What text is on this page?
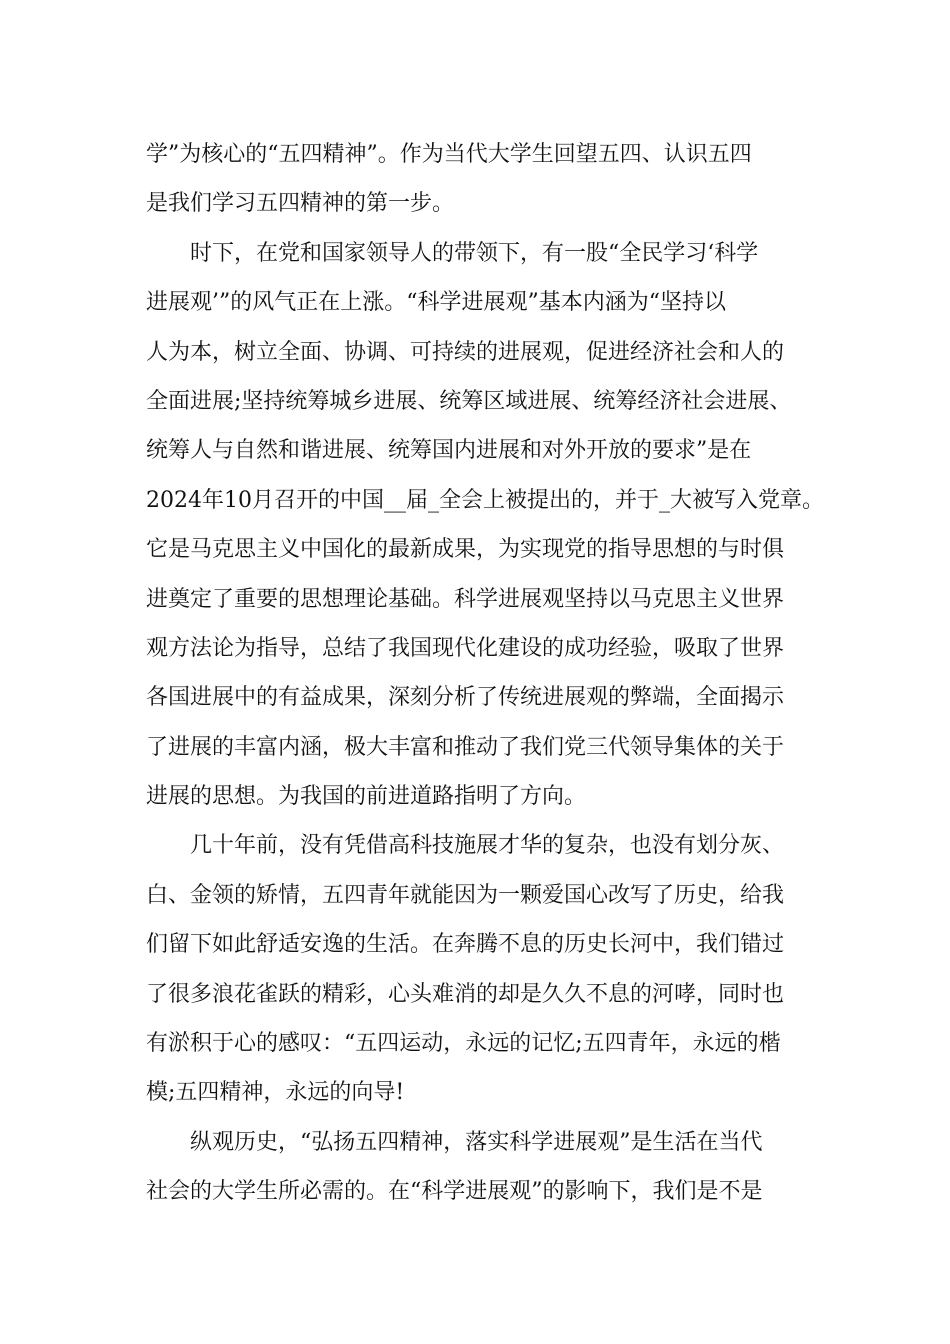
学”为核心的“五四精神”。作为当代大学生回望五四、认识五四
是我们学习五四精神的第一步。
时下，在党和国家领导人的带领下，有一股“全民学习‘科学
进展观’”的风气正在上涨。“科学进展观”基本内涵为“坚持以
人为本，树立全面、协调、可持续的进展观，促进经济社会和人的
全面进展;坚持统筹城乡进展、统筹区域进展、统筹经济社会进展、
统筹人与自然和谐进展、统筹国内进展和对外开放的要求”是在
2024年10月召开的中国__届_全会上被提出的，并于_大被写入党章。
它是马克思主义中国化的最新成果，为实现党的指导思想的与时俱
进奠定了重要的思想理论基础。科学进展观坚持以马克思主义世界
观方法论为指导，总结了我国现代化建设的成功经验，吸取了世界
各国进展中的有益成果，深刻分析了传统进展观的弊端，全面揭示
了进展的丰富内涵，极大丰富和推动了我们党三代领导集体的关于
进展的思想。为我国的前进道路指明了方向。
几十年前，没有凭借高科技施展才华的复杂，也没有划分灰、
白、金领的矫情，五四青年就能因为一颗爱国心改写了历史，给我
们留下如此舒适安逸的生活。在奔腾不息的历史长河中，我们错过
了很多浪花雀跃的精彩，心头难消的却是久久不息的河哮，同时也
有淤积于心的感叹：“五四运动，永远的记忆;五四青年，永远的楷
模;五四精神，永远的向导!
纵观历史，“弘扬五四精神，落实科学进展观”是生活在当代
社会的大学生所必需的。在“科学进展观”的影响下，我们是不是
